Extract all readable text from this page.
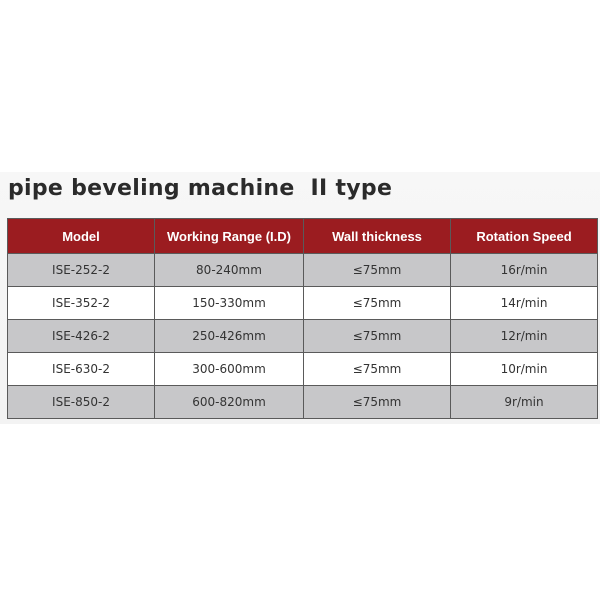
pipe beveling machine  II type
Model	Working Range (I.D)	Wall thickness	Rotation Speed
ISE-252-2	80-240mm	≤75mm	16r/min
ISE-352-2	150-330mm	≤75mm	14r/min
ISE-426-2	250-426mm	≤75mm	12r/min
ISE-630-2	300-600mm	≤75mm	10r/min
ISE-850-2	600-820mm	≤75mm	9r/min
